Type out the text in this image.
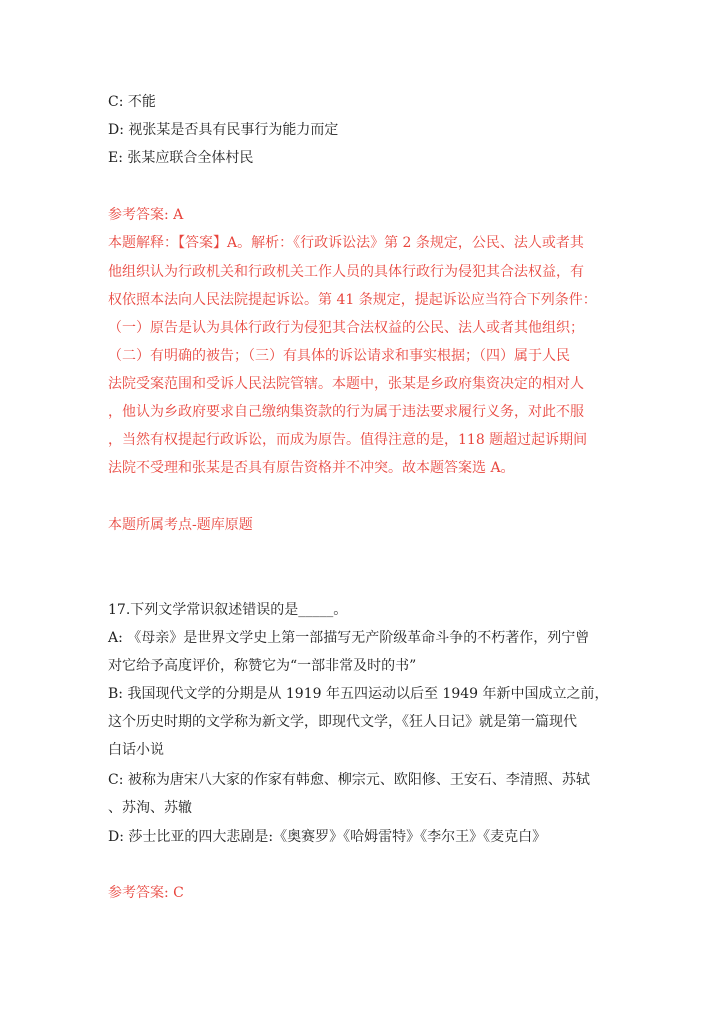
C: 不能
D: 视张某是否具有民事行为能力而定
E: 张某应联合全体村民
参考答案: A
本题解释：【答案】A。解析：《行政诉讼法》第 2 条规定，公民、法人或者其
他组织认为行政机关和行政机关工作人员的具体行政行为侵犯其合法权益，有
权依照本法向人民法院提起诉讼。第 41 条规定，提起诉讼应当符合下列条件：
（一）原告是认为具体行政行为侵犯其合法权益的公民、法人或者其他组织；
（二）有明确的被告；（三）有具体的诉讼请求和事实根据；（四）属于人民
法院受案范围和受诉人民法院管辖。本题中，张某是乡政府集资决定的相对人
，他认为乡政府要求自己缴纳集资款的行为属于违法要求履行义务，对此不服
，当然有权提起行政诉讼，而成为原告。值得注意的是，118 题超过起诉期间
法院不受理和张某是否具有原告资格并不冲突。故本题答案选 A。
本题所属考点-题库原题
17.下列文学常识叙述错误的是_____。
A: 《母亲》是世界文学史上第一部描写无产阶级革命斗争的不朽著作，列宁曾
对它给予高度评价，称赞它为“一部非常及时的书”
B: 我国现代文学的分期是从 1919 年五四运动以后至 1949 年新中国成立之前，
这个历史时期的文学称为新文学，即现代文学，《狂人日记》就是第一篇现代
白话小说
C: 被称为唐宋八大家的作家有韩愈、柳宗元、欧阳修、王安石、李清照、苏轼
、苏洵、苏辙
D: 莎士比亚的四大悲剧是:《奥赛罗》《哈姆雷特》《李尔王》《麦克白》
参考答案: C
